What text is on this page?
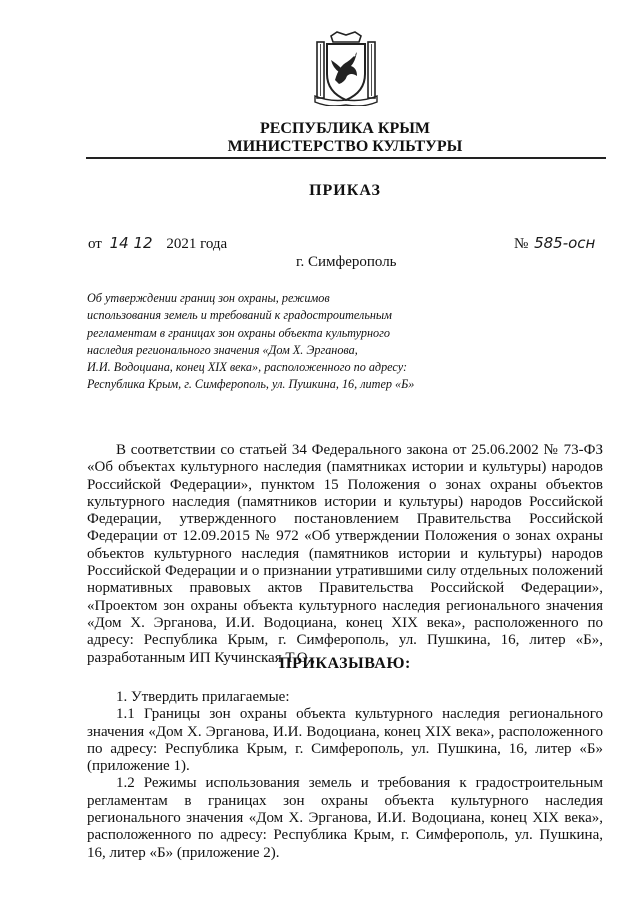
РЕСПУБЛИКА КРЫМ
МИНИСТЕРСТВО КУЛЬТУРЫ
ПРИКАЗ
от 14 12 2021 года	№ 585-осн
г. Симферополь
Об утверждении границ зон охраны, режимов
использования земель и требований к градостроительным
регламентам в границах зон охраны объекта культурного
наследия регионального значения «Дом Х. Эрганова,
И.И. Водоциана, конец XIX века», расположенного по адресу:
Республика Крым, г. Симферополь, ул. Пушкина, 16, литер «Б»
В соответствии со статьей 34 Федерального закона от 25.06.2002 № 73-ФЗ
«Об объектах культурного наследия (памятниках истории и культуры) народов
Российской Федерации», пунктом 15 Положения о зонах охраны объектов
культурного наследия (памятников истории и культуры) народов Российской
Федерации, утвержденного постановлением Правительства Российской
Федерации от 12.09.2015 № 972 «Об утверждении Положения о зонах охраны
объектов культурного наследия (памятников истории и культуры) народов
Российской Федерации и о признании утратившими силу отдельных положений
нормативных правовых актов Правительства Российской Федерации»,
«Проектом зон охраны объекта культурного наследия регионального значения
«Дом Х. Эрганова, И.И. Водоциана, конец XIX века», расположенного по
адресу: Республика Крым, г. Симферополь, ул. Пушкина, 16, литер «Б»,
разработанным ИП Кучинская Т.О.,
ПРИКАЗЫВАЮ:
1. Утвердить прилагаемые:
1.1 Границы зон охраны объекта культурного наследия регионального
значения «Дом Х. Эрганова, И.И. Водоциана, конец XIX века», расположенного
по адресу: Республика Крым, г. Симферополь, ул. Пушкина, 16, литер «Б»
(приложение 1).
1.2 Режимы использования земель и требования к градостроительным
регламентам в границах зон охраны объекта культурного наследия
регионального значения «Дом Х. Эрганова, И.И. Водоциана, конец XIX века»,
расположенного по адресу: Республика Крым, г. Симферополь, ул. Пушкина,
16, литер «Б» (приложение 2).
